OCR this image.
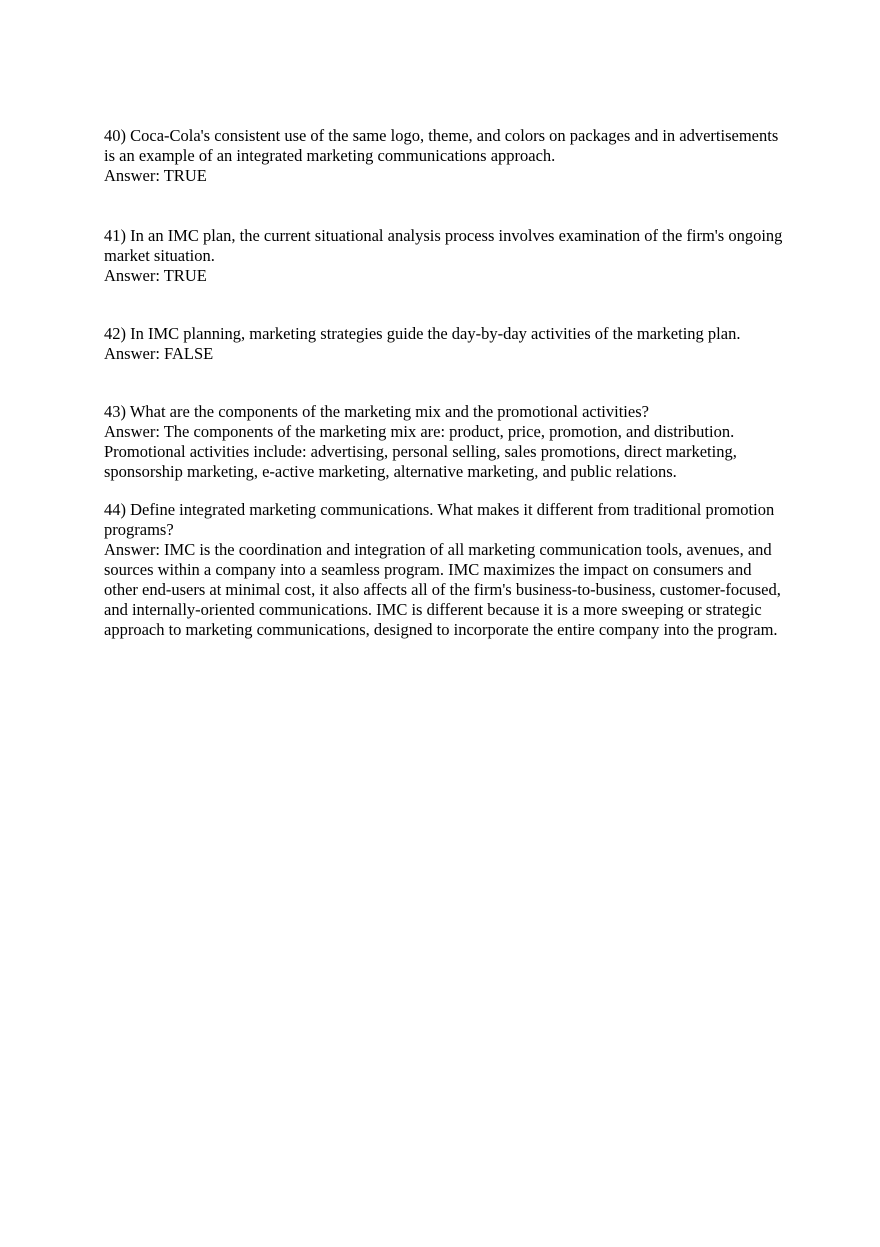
40) Coca-Cola's consistent use of the same logo, theme, and colors on packages and in advertisements is an example of an integrated marketing communications approach.

Answer: TRUE

41) In an IMC plan, the current situational analysis process involves examination of the firm's ongoing market situation.

Answer: TRUE

42) In IMC planning, marketing strategies guide the day-by-day activities of the marketing plan.

Answer: FALSE

43) What are the components of the marketing mix and the promotional activities?

Answer: The components of the marketing mix are: product, price, promotion, and distribution. Promotional activities include: advertising, personal selling, sales promotions, direct marketing, sponsorship marketing, e-active marketing, alternative marketing, and public relations.

44) Define integrated marketing communications. What makes it different from traditional promotion programs?

Answer: IMC is the coordination and integration of all marketing communication tools, avenues, and sources within a company into a seamless program. IMC maximizes the impact on consumers and other end-users at minimal cost, it also affects all of the firm's business-to-business, customer-focused, and internally-oriented communications. IMC is different because it is a more sweeping or strategic approach to marketing communications, designed to incorporate the entire company into the program.
